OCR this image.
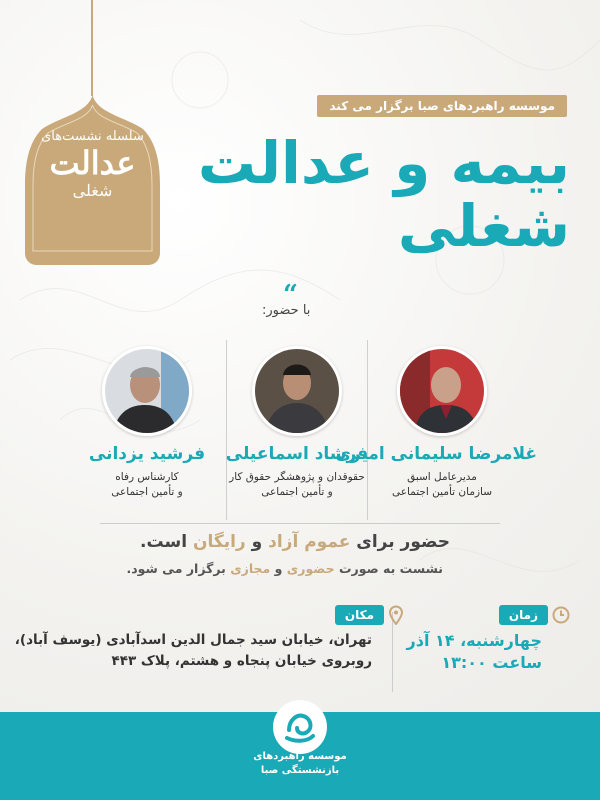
سلسله نشست‌های
عدالت
شغلی
موسسه راهبردهای صبا برگزار می کند
بیمه و عدالت
شغلی
“
با حضور:
غلامرضا سلیمانی امیری
مدیرعامل اسبق
سازمان تأمین اجتماعی
فرشاد اسماعیلی
حقوقدان و پژوهشگر حقوق کار
و تأمین اجتماعی
فرشید یزدانی
کارشناس رفاه
و تأمین اجتماعی
حضور برای عموم آزاد و رایگان است.
نشست به صورت حضوری و مجازی برگزار می شود.
زمان
چهارشنبه، ۱۴ آذر
ساعت ۱۳:۰۰
مکان
تهران، خیابان سید جمال الدین اسدآبادی (یوسف آباد)،
روبروی خیابان پنجاه و هشتم، پلاک ۴۴۳
موسسه راهبردهای
بازنشستگی صبا
